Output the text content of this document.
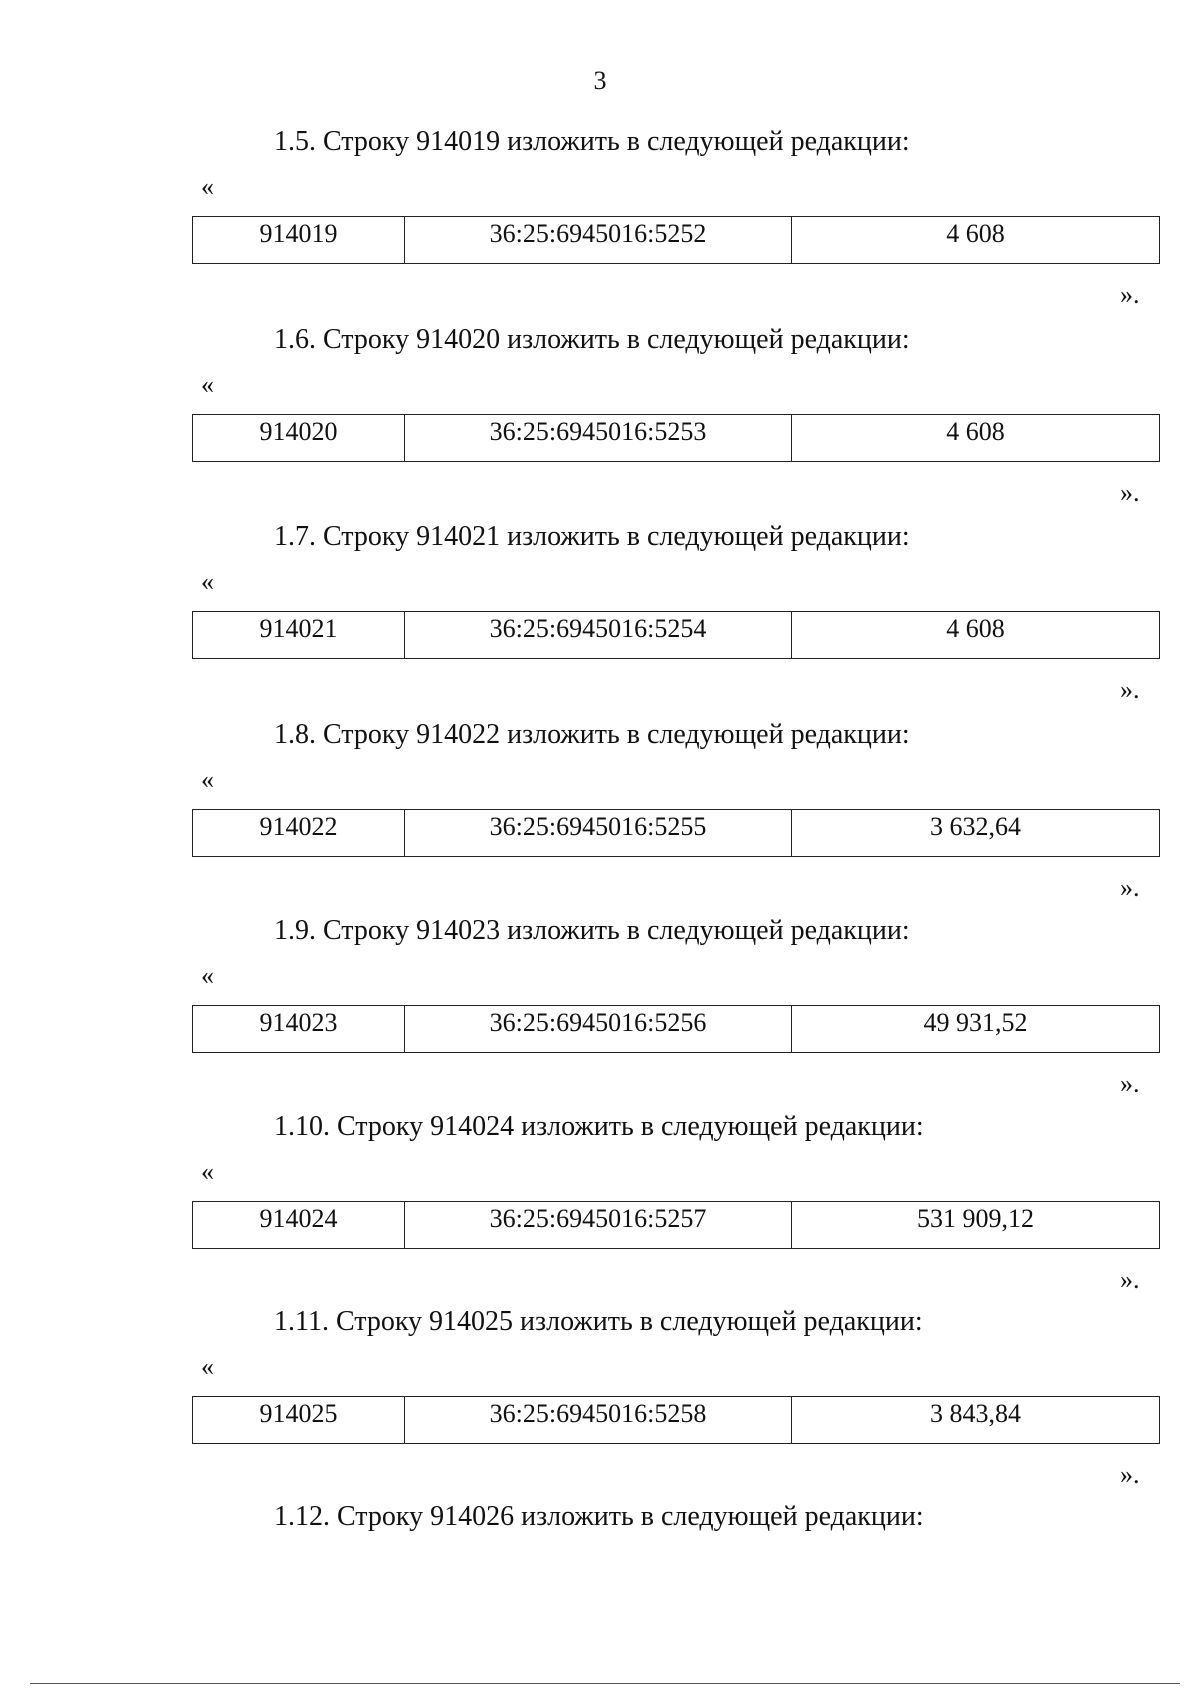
3
1.5. Строку 914019 изложить в следующей редакции:
«
914019	36:25:6945016:5252	4 608
».
1.6. Строку 914020 изложить в следующей редакции:
«
914020	36:25:6945016:5253	4 608
».
1.7. Строку 914021 изложить в следующей редакции:
«
914021	36:25:6945016:5254	4 608
».
1.8. Строку 914022 изложить в следующей редакции:
«
914022	36:25:6945016:5255	3 632,64
».
1.9. Строку 914023 изложить в следующей редакции:
«
914023	36:25:6945016:5256	49 931,52
».
1.10. Строку 914024 изложить в следующей редакции:
«
914024	36:25:6945016:5257	531 909,12
».
1.11. Строку 914025 изложить в следующей редакции:
«
914025	36:25:6945016:5258	3 843,84
».
1.12. Строку 914026 изложить в следующей редакции:
